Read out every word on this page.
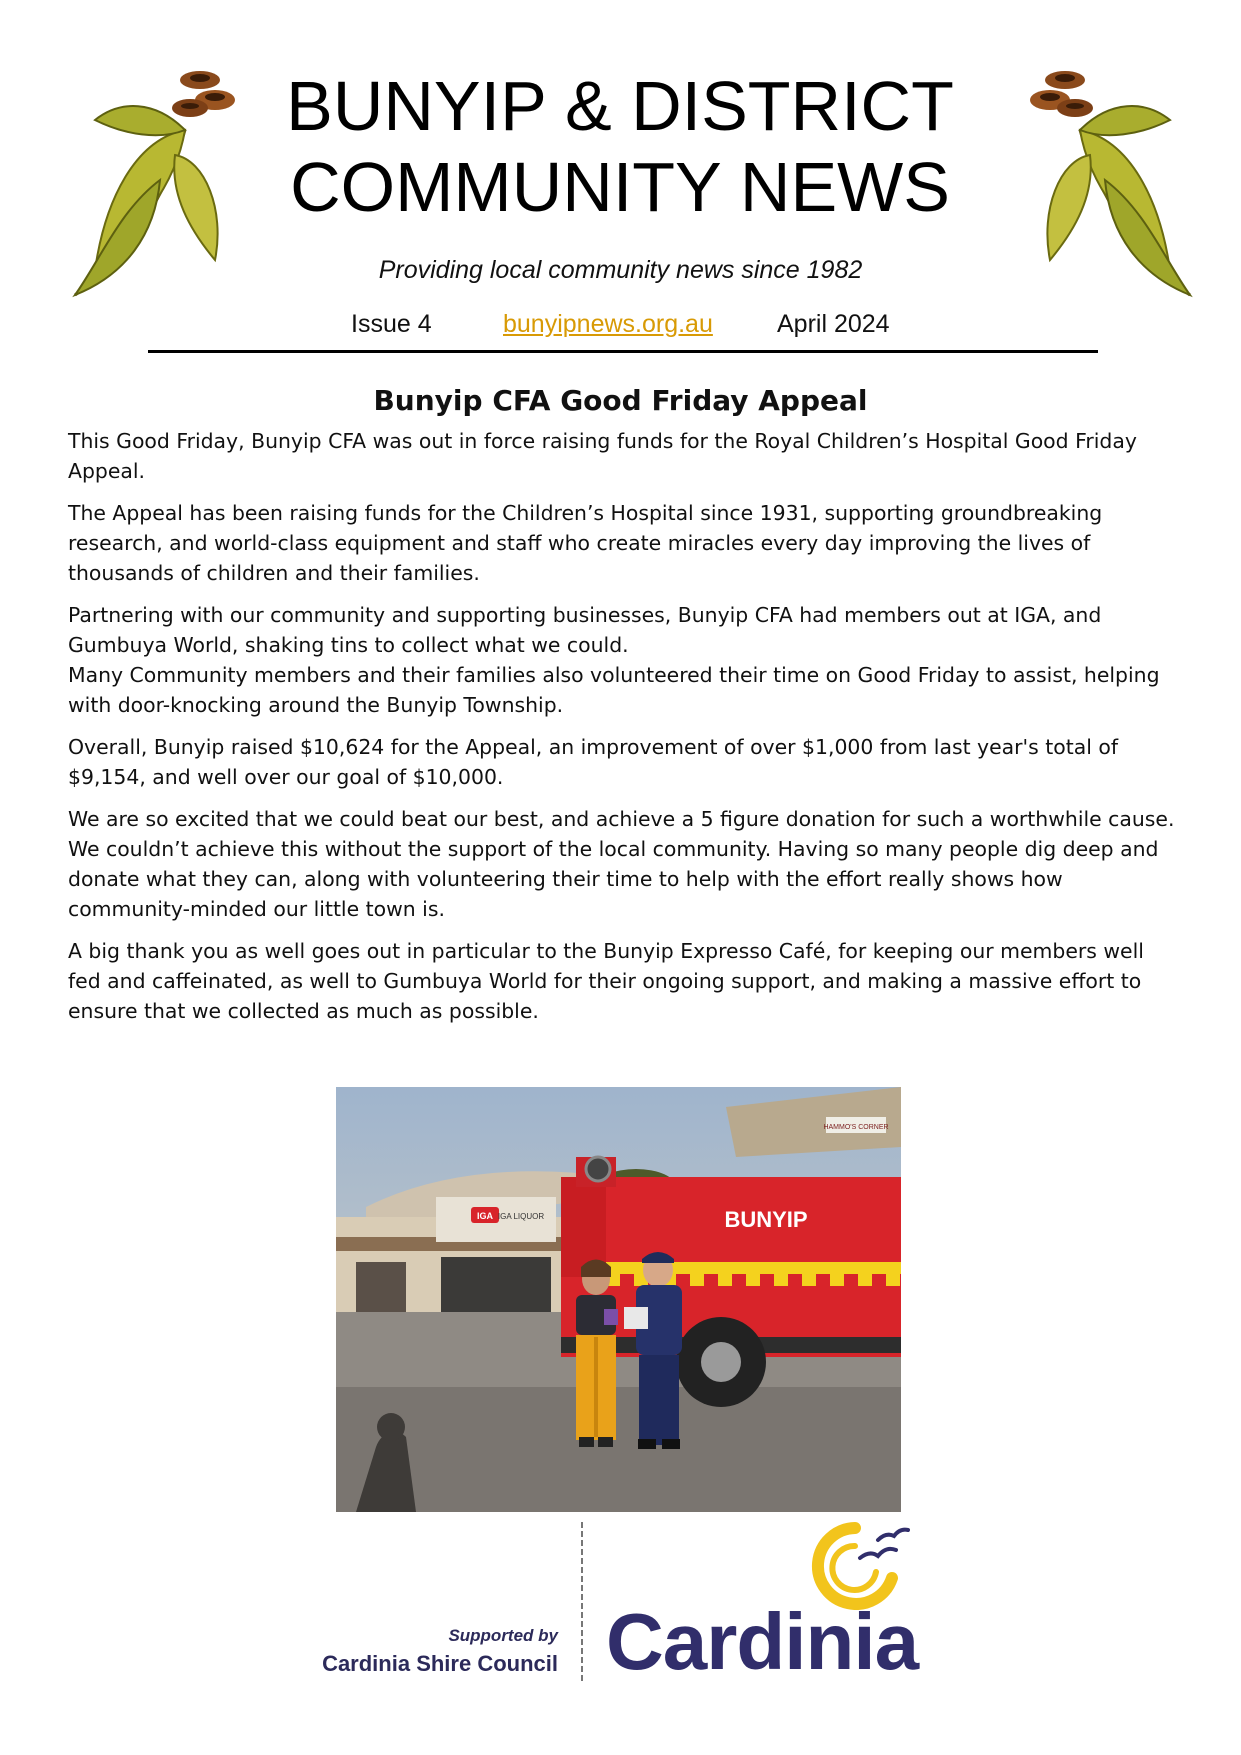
BUNYIP & DISTRICT
COMMUNITY NEWS

Providing local community news since 1982

Issue 4	bunyipnews.org.au	April 2024

Bunyip CFA Good Friday Appeal

This Good Friday, Bunyip CFA was out in force raising funds for the Royal Children’s Hospital Good Friday Appeal.

The Appeal has been raising funds for the Children’s Hospital since 1931, supporting groundbreaking research, and world-class equipment and staff who create miracles every day improving the lives of thousands of children and their families.

Partnering with our community and supporting businesses, Bunyip CFA had members out at IGA, and Gumbuya World, shaking tins to collect what we could.

Many Community members and their families also volunteered their time on Good Friday to assist, helping with door-knocking around the Bunyip Township.

Overall, Bunyip raised $10,624 for the Appeal, an improvement of over $1,000 from last year's total of $9,154, and well over our goal of $10,000.

We are so excited that we could beat our best, and achieve a 5 figure donation for such a worthwhile cause. We couldn’t achieve this without the support of the local community. Having so many people dig deep and donate what they can, along with volunteering their time to help with the effort really shows how community-minded our little town is.

A big thank you as well goes out in particular to the Bunyip Expresso Café, for keeping our members well fed and caffeinated, as well to Gumbuya World for their ongoing support, and making a massive effort to ensure that we collected as much as possible.

IGA IGA LIQUOR
HAMMO'S CORNER
BUNYIP

Supported by

Cardinia Shire Council Cardinia
